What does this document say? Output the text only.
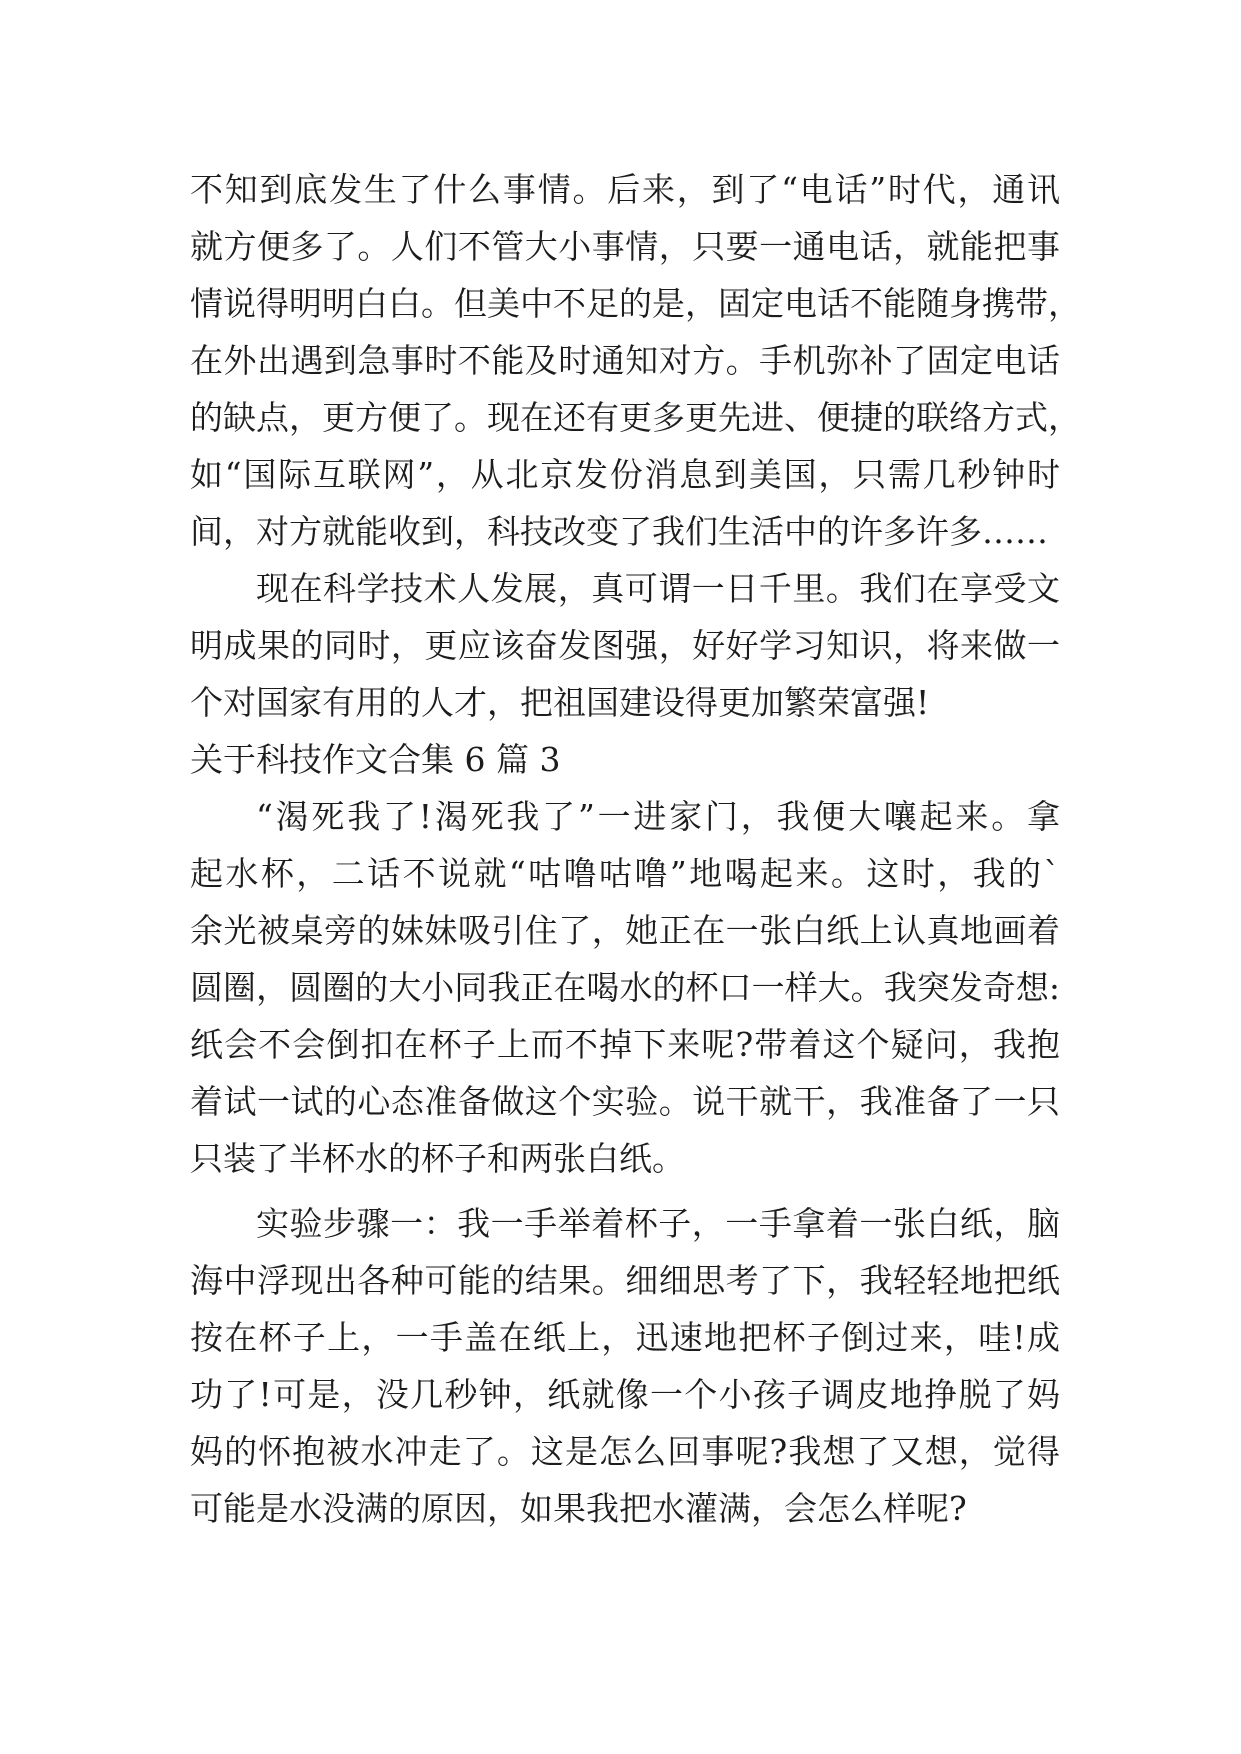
不知到底发生了什么事情。后来，到了“电话”时代，通讯
就方便多了。人们不管大小事情，只要一通电话，就能把事
情说得明明白白。但美中不足的是，固定电话不能随身携带，
在外出遇到急事时不能及时通知对方。手机弥补了固定电话
的缺点，更方便了。现在还有更多更先进、便捷的联络方式，
如“国际互联网”，从北京发份消息到美国，只需几秒钟时
间，对方就能收到，科技改变了我们生活中的许多许多……
现在科学技术人发展，真可谓一日千里。我们在享受文
明成果的同时，更应该奋发图强，好好学习知识，将来做一
个对国家有用的人才，把祖国建设得更加繁荣富强!
关于科技作文合集 6 篇 3
“渴死我了!渴死我了”一进家门，我便大嚷起来。拿
起水杯，二话不说就“咕噜咕噜”地喝起来。这时，我的`
余光被桌旁的妹妹吸引住了，她正在一张白纸上认真地画着
圆圈，圆圈的大小同我正在喝水的杯口一样大。我突发奇想:
纸会不会倒扣在杯子上而不掉下来呢?带着这个疑问，我抱
着试一试的心态准备做这个实验。说干就干，我准备了一只
只装了半杯水的杯子和两张白纸。
实验步骤一：我一手举着杯子，一手拿着一张白纸，脑
海中浮现出各种可能的结果。细细思考了下，我轻轻地把纸
按在杯子上，一手盖在纸上，迅速地把杯子倒过来，哇!成
功了!可是，没几秒钟，纸就像一个小孩子调皮地挣脱了妈
妈的怀抱被水冲走了。这是怎么回事呢?我想了又想，觉得
可能是水没满的原因，如果我把水灌满，会怎么样呢?
